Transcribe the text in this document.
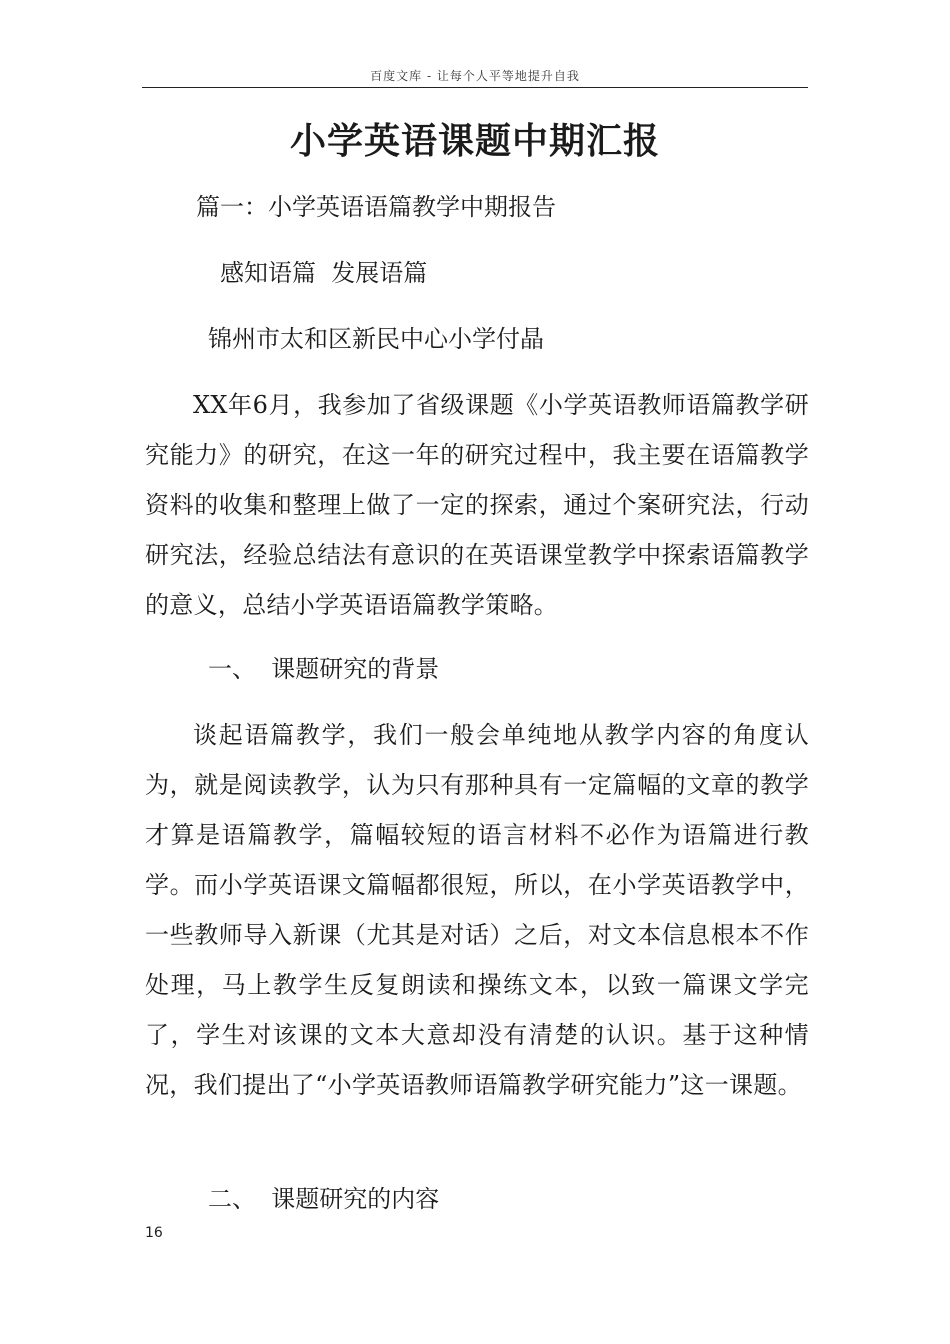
百度文库 - 让每个人平等地提升自我
小学英语课题中期汇报
篇一：小学英语语篇教学中期报告
感知语篇  发展语篇
锦州市太和区新民中心小学付晶

XX年6月，我参加了省级课题《小学英语教师语篇教学研究能力》的研究，在这一年的研究过程中，我主要在语篇教学资料的收集和整理上做了一定的探索，通过个案研究法，行动研究法，经验总结法有意识的在英语课堂教学中探索语篇教学的意义，总结小学英语语篇教学策略。

一、  课题研究的背景

谈起语篇教学，我们一般会单纯地从教学内容的角度认为，就是阅读教学，认为只有那种具有一定篇幅的文章的教学才算是语篇教学，篇幅较短的语言材料不必作为语篇进行教学。而小学英语课文篇幅都很短，所以，在小学英语教学中，一些教师导入新课（尤其是对话）之后，对文本信息根本不作处理，马上教学生反复朗读和操练文本，以致一篇课文学完了，学生对该课的文本大意却没有清楚的认识。基于这种情况，我们提出了“小学英语教师语篇教学研究能力”这一课题。

二、  课题研究的内容
16
